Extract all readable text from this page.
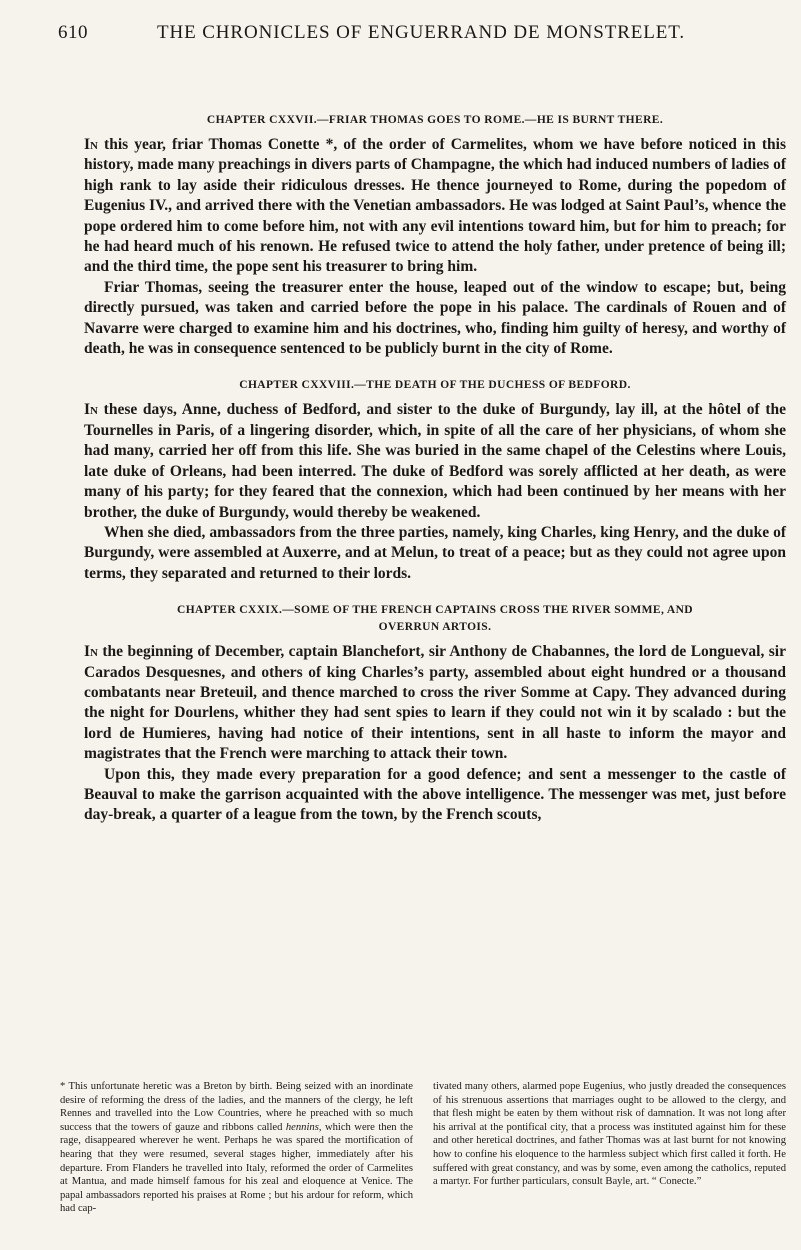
610	THE CHRONICLES OF ENGUERRAND DE MONSTRELET.
CHAPTER CXXVII.—FRIAR THOMAS GOES TO ROME.—HE IS BURNT THERE.

In this year, friar Thomas Conette *, of the order of Carmelites, whom we have before noticed in this history, made many preachings in divers parts of Champagne, the which had induced numbers of ladies of high rank to lay aside their ridiculous dresses. He thence journeyed to Rome, during the popedom of Eugenius IV., and arrived there with the Venetian ambassadors. He was lodged at Saint Paul’s, whence the pope ordered him to come before him, not with any evil intentions toward him, but for him to preach; for he had heard much of his renown. He refused twice to attend the holy father, under pretence of being ill; and the third time, the pope sent his treasurer to bring him.

Friar Thomas, seeing the treasurer enter the house, leaped out of the window to escape; but, being directly pursued, was taken and carried before the pope in his palace. The cardinals of Rouen and of Navarre were charged to examine him and his doctrines, who, finding him guilty of heresy, and worthy of death, he was in consequence sentenced to be publicly burnt in the city of Rome.

CHAPTER CXXVIII.—THE DEATH OF THE DUCHESS OF BEDFORD.

In these days, Anne, duchess of Bedford, and sister to the duke of Burgundy, lay ill, at the hôtel of the Tournelles in Paris, of a lingering disorder, which, in spite of all the care of her physicians, of whom she had many, carried her off from this life. She was buried in the same chapel of the Celestins where Louis, late duke of Orleans, had been interred. The duke of Bedford was sorely afflicted at her death, as were many of his party; for they feared that the connexion, which had been continued by her means with her brother, the duke of Burgundy, would thereby be weakened.

When she died, ambassadors from the three parties, namely, king Charles, king Henry, and the duke of Burgundy, were assembled at Auxerre, and at Melun, to treat of a peace; but as they could not agree upon terms, they separated and returned to their lords.

CHAPTER CXXIX.—SOME OF THE FRENCH CAPTAINS CROSS THE RIVER SOMME, AND
OVERRUN ARTOIS.

In the beginning of December, captain Blanchefort, sir Anthony de Chabannes, the lord de Longueval, sir Carados Desquesnes, and others of king Charles’s party, assembled about eight hundred or a thousand combatants near Breteuil, and thence marched to cross the river Somme at Capy. They advanced during the night for Dourlens, whither they had sent spies to learn if they could not win it by scalado : but the lord de Humieres, having had notice of their intentions, sent in all haste to inform the mayor and magistrates that the French were marching to attack their town.

Upon this, they made every preparation for a good defence; and sent a messenger to the castle of Beauval to make the garrison acquainted with the above intelligence. The messenger was met, just before day-break, a quarter of a league from the town, by the French scouts,

* This unfortunate heretic was a Breton by birth. Being seized with an inordinate desire of reforming the dress of the ladies, and the manners of the clergy, he left Rennes and travelled into the Low Countries, where he preached with so much success that the towers of gauze and ribbons called hennins, which were then the rage, disappeared wherever he went. Perhaps he was spared the mortification of hearing that they were resumed, several stages higher, immediately after his departure. From Flanders he travelled into Italy, reformed the order of Carmelites at Mantua, and made himself famous for his zeal and eloquence at Venice. The papal ambassadors reported his praises at Rome ; but his ardour for reform, which had cap-
tivated many others, alarmed pope Eugenius, who justly dreaded the consequences of his strenuous assertions that marriages ought to be allowed to the clergy, and that flesh might be eaten by them without risk of damnation. It was not long after his arrival at the pontifical city, that a process was instituted against him for these and other heretical doctrines, and father Thomas was at last burnt for not knowing how to confine his eloquence to the harmless subject which first called it forth. He suffered with great constancy, and was by some, even among the catholics, reputed a martyr. For further particulars, consult Bayle, art. “ Conecte.”
